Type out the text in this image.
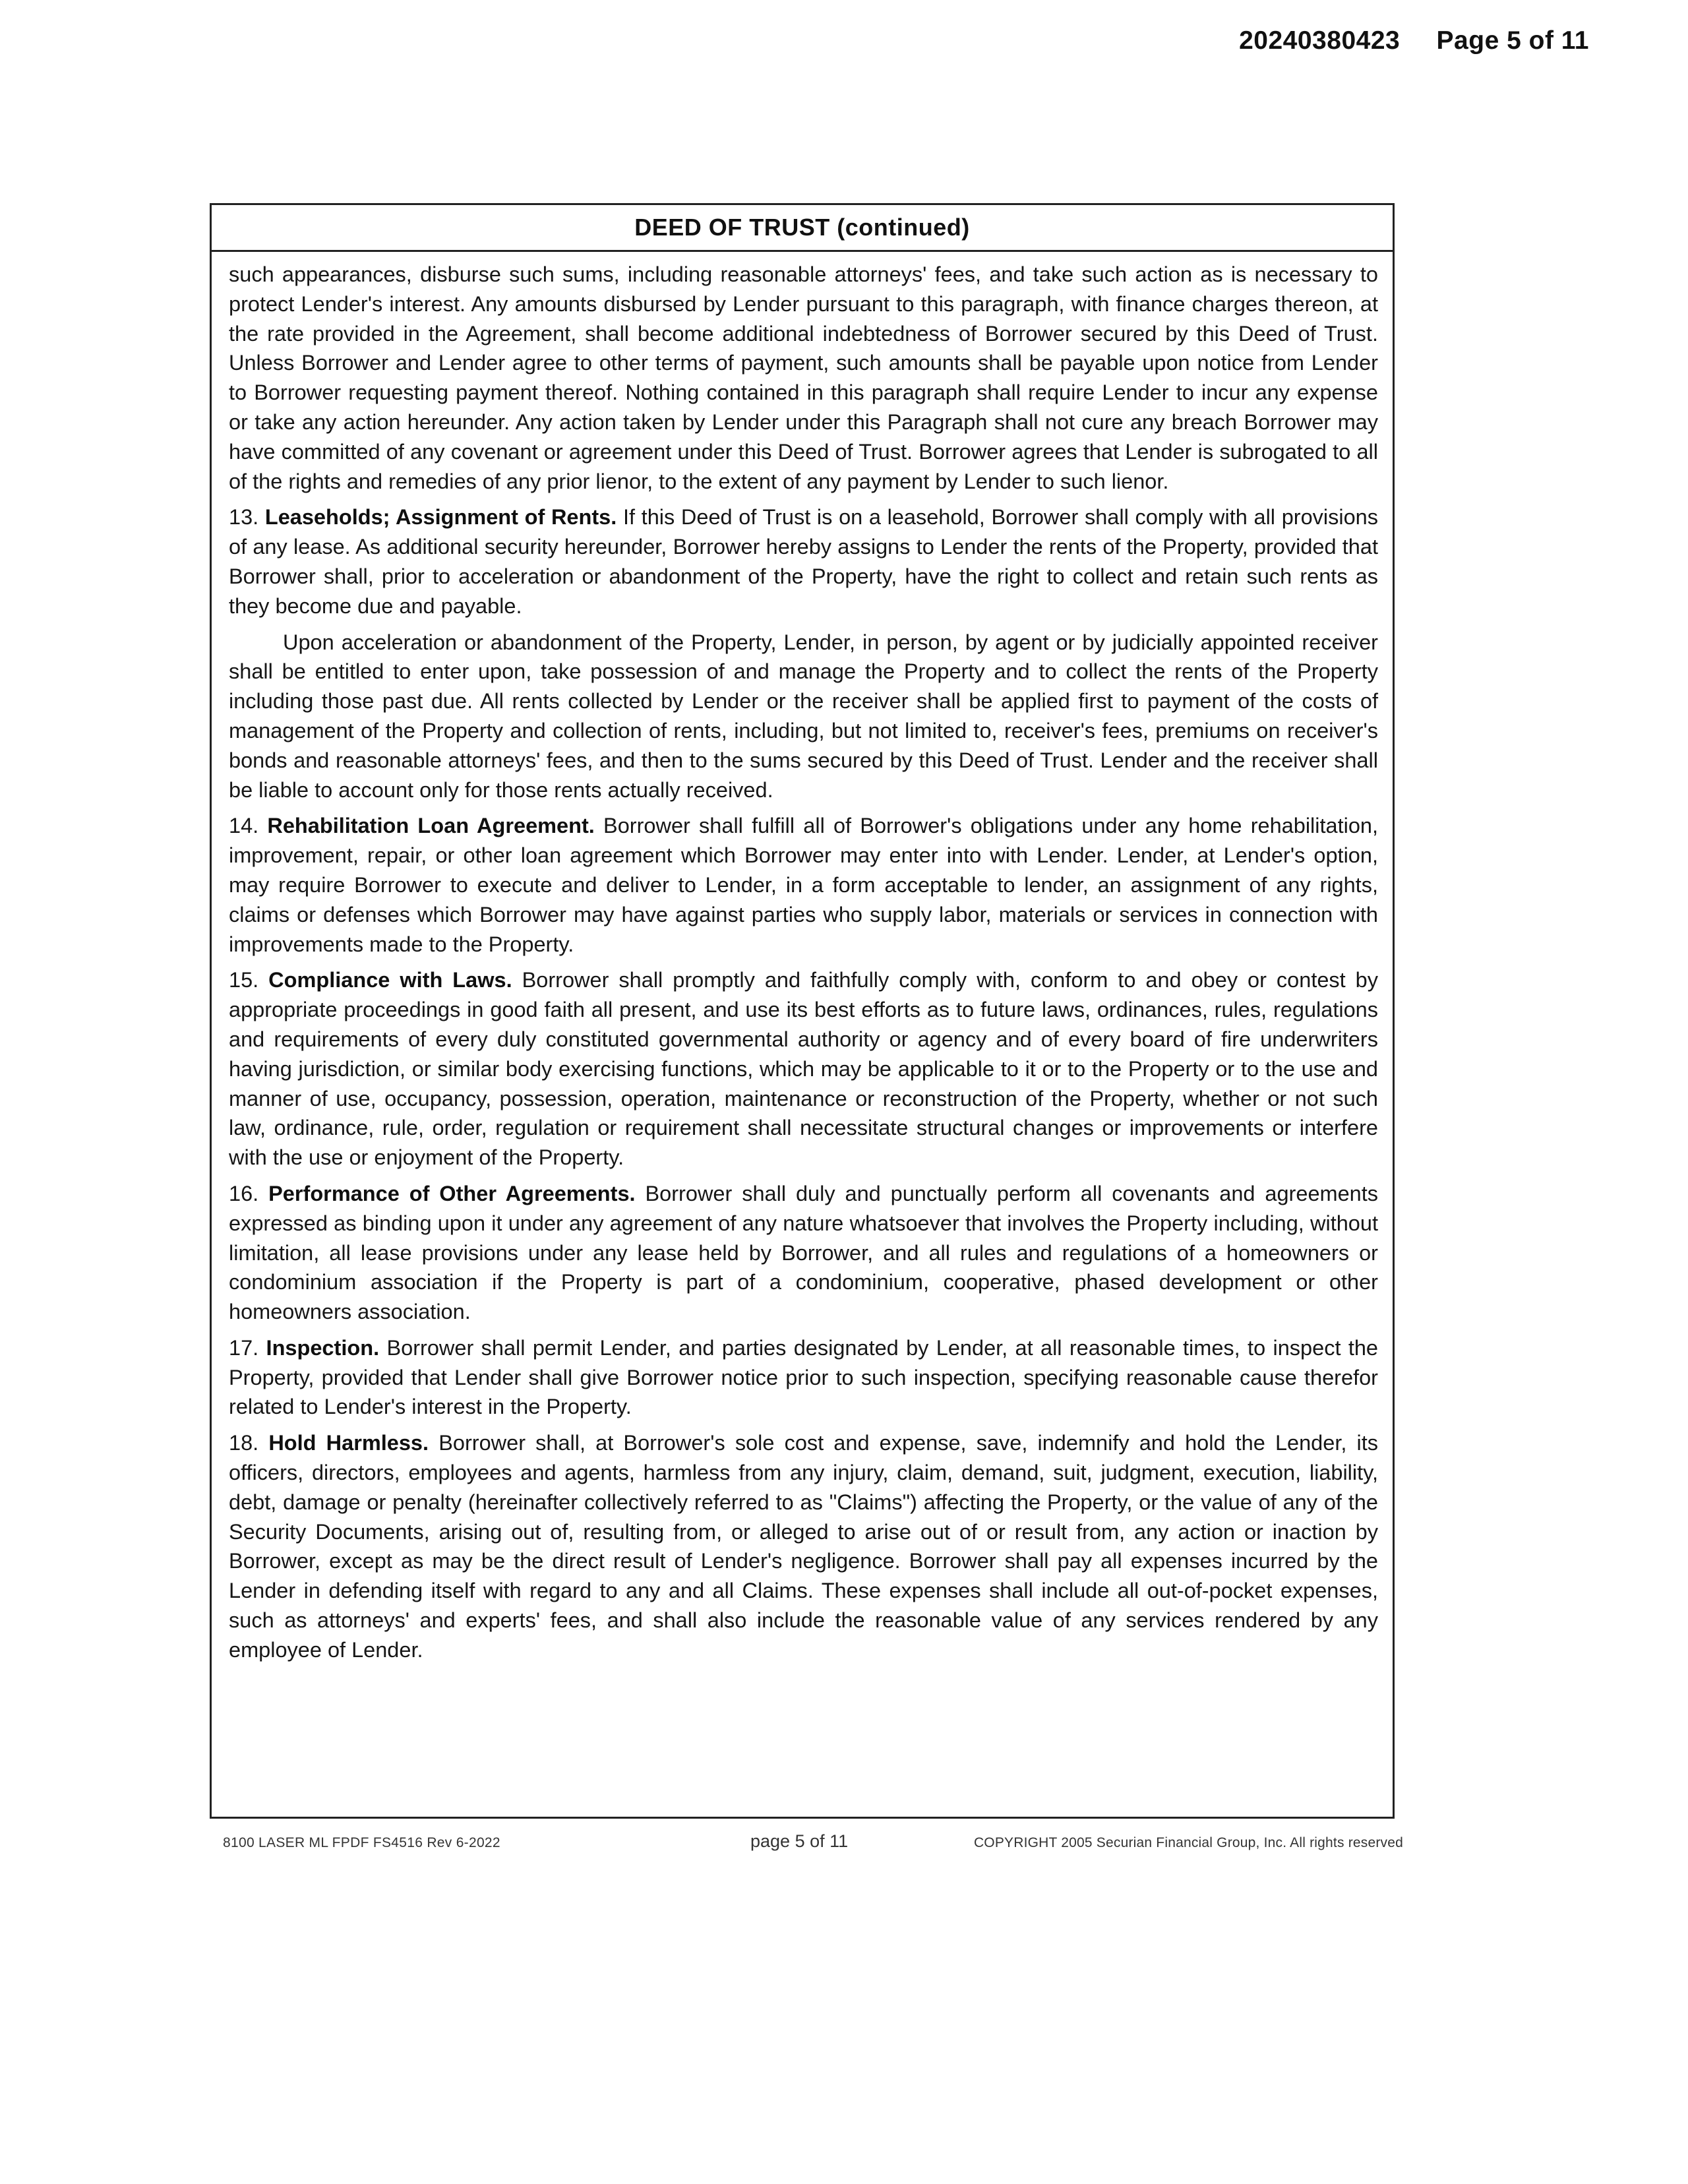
20240380423 Page 5 of 11
DEED OF TRUST (continued)

such appearances, disburse such sums, including reasonable attorneys' fees, and take such action as is necessary to protect Lender's interest. Any amounts disbursed by Lender pursuant to this paragraph, with finance charges thereon, at the rate provided in the Agreement, shall become additional indebtedness of Borrower secured by this Deed of Trust. Unless Borrower and Lender agree to other terms of payment, such amounts shall be payable upon notice from Lender to Borrower requesting payment thereof. Nothing contained in this paragraph shall require Lender to incur any expense or take any action hereunder. Any action taken by Lender under this Paragraph shall not cure any breach Borrower may have committed of any covenant or agreement under this Deed of Trust. Borrower agrees that Lender is subrogated to all of the rights and remedies of any prior lienor, to the extent of any payment by Lender to such lienor.

13. Leaseholds; Assignment of Rents. If this Deed of Trust is on a leasehold, Borrower shall comply with all provisions of any lease. As additional security hereunder, Borrower hereby assigns to Lender the rents of the Property, provided that Borrower shall, prior to acceleration or abandonment of the Property, have the right to collect and retain such rents as they become due and payable.

Upon acceleration or abandonment of the Property, Lender, in person, by agent or by judicially appointed receiver shall be entitled to enter upon, take possession of and manage the Property and to collect the rents of the Property including those past due. All rents collected by Lender or the receiver shall be applied first to payment of the costs of management of the Property and collection of rents, including, but not limited to, receiver's fees, premiums on receiver's bonds and reasonable attorneys' fees, and then to the sums secured by this Deed of Trust. Lender and the receiver shall be liable to account only for those rents actually received.

14. Rehabilitation Loan Agreement. Borrower shall fulfill all of Borrower's obligations under any home rehabilitation, improvement, repair, or other loan agreement which Borrower may enter into with Lender. Lender, at Lender's option, may require Borrower to execute and deliver to Lender, in a form acceptable to lender, an assignment of any rights, claims or defenses which Borrower may have against parties who supply labor, materials or services in connection with improvements made to the Property.

15. Compliance with Laws. Borrower shall promptly and faithfully comply with, conform to and obey or contest by appropriate proceedings in good faith all present, and use its best efforts as to future laws, ordinances, rules, regulations and requirements of every duly constituted governmental authority or agency and of every board of fire underwriters having jurisdiction, or similar body exercising functions, which may be applicable to it or to the Property or to the use and manner of use, occupancy, possession, operation, maintenance or reconstruction of the Property, whether or not such law, ordinance, rule, order, regulation or requirement shall necessitate structural changes or improvements or interfere with the use or enjoyment of the Property.

16. Performance of Other Agreements. Borrower shall duly and punctually perform all covenants and agreements expressed as binding upon it under any agreement of any nature whatsoever that involves the Property including, without limitation, all lease provisions under any lease held by Borrower, and all rules and regulations of a homeowners or condominium association if the Property is part of a condominium, cooperative, phased development or other homeowners association.

17. Inspection. Borrower shall permit Lender, and parties designated by Lender, at all reasonable times, to inspect the Property, provided that Lender shall give Borrower notice prior to such inspection, specifying reasonable cause therefor related to Lender's interest in the Property.

18. Hold Harmless. Borrower shall, at Borrower's sole cost and expense, save, indemnify and hold the Lender, its officers, directors, employees and agents, harmless from any injury, claim, demand, suit, judgment, execution, liability, debt, damage or penalty (hereinafter collectively referred to as "Claims") affecting the Property, or the value of any of the Security Documents, arising out of, resulting from, or alleged to arise out of or result from, any action or inaction by Borrower, except as may be the direct result of Lender's negligence. Borrower shall pay all expenses incurred by the Lender in defending itself with regard to any and all Claims. These expenses shall include all out-of-pocket expenses, such as attorneys' and experts' fees, and shall also include the reasonable value of any services rendered by any employee of Lender.

8100 LASER ML FPDF FS4516 Rev 6-2022	page 5 of 11	COPYRIGHT 2005 Securian Financial Group, Inc. All rights reserved
